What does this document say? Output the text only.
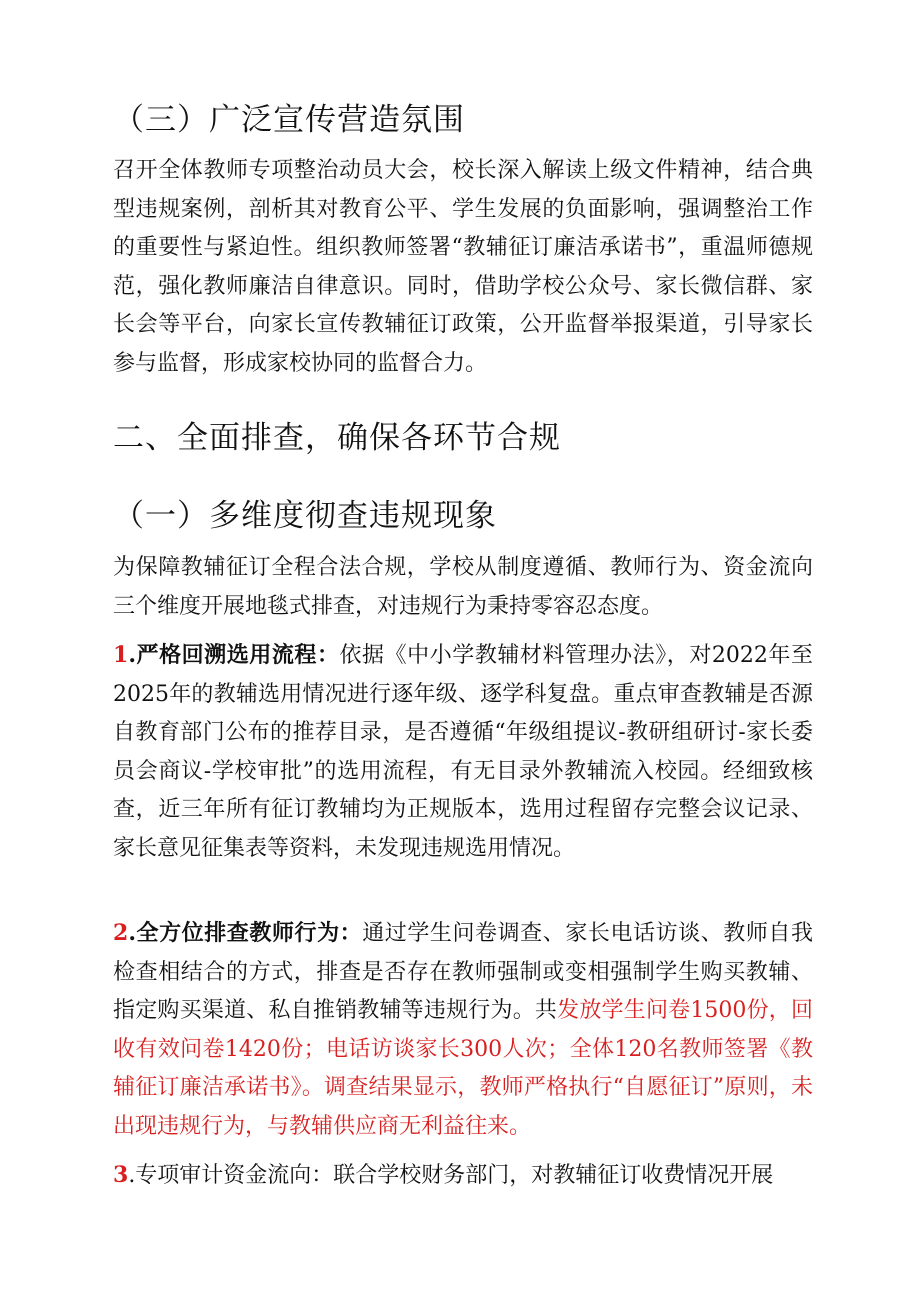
（三）广泛宣传营造氛围

召开全体教师专项整治动员大会，校长深入解读上级文件精神，结合典型违规案例，剖析其对教育公平、学生发展的负面影响，强调整治工作的重要性与紧迫性。组织教师签署“教辅征订廉洁承诺书”，重温师德规范，强化教师廉洁自律意识。同时，借助学校公众号、家长微信群、家长会等平台，向家长宣传教辅征订政策，公开监督举报渠道，引导家长参与监督，形成家校协同的监督合力。

二、全面排查，确保各环节合规
（一）多维度彻查违规现象

为保障教辅征订全程合法合规，学校从制度遵循、教师行为、资金流向三个维度开展地毯式排查，对违规行为秉持零容忍态度。

1.严格回溯选用流程：依据《中小学教辅材料管理办法》，对2022年至2025年的教辅选用情况进行逐年级、逐学科复盘。重点审查教辅是否源自教育部门公布的推荐目录，是否遵循“年级组提议-教研组研讨-家长委员会商议-学校审批”的选用流程，有无目录外教辅流入校园。经细致核查，近三年所有征订教辅均为正规版本，选用过程留存完整会议记录、家长意见征集表等资料，未发现违规选用情况。

2.全方位排查教师行为：通过学生问卷调查、家长电话访谈、教师自我检查相结合的方式，排查是否存在教师强制或变相强制学生购买教辅、指定购买渠道、私自推销教辅等违规行为。共发放学生问卷1500份，回收有效问卷1420份；电话访谈家长300人次；全体120名教师签署《教辅征订廉洁承诺书》。调查结果显示，教师严格执行“自愿征订”原则，未出现违规行为，与教辅供应商无利益往来。

3.专项审计资金流向：联合学校财务部门，对教辅征订收费情况开展
